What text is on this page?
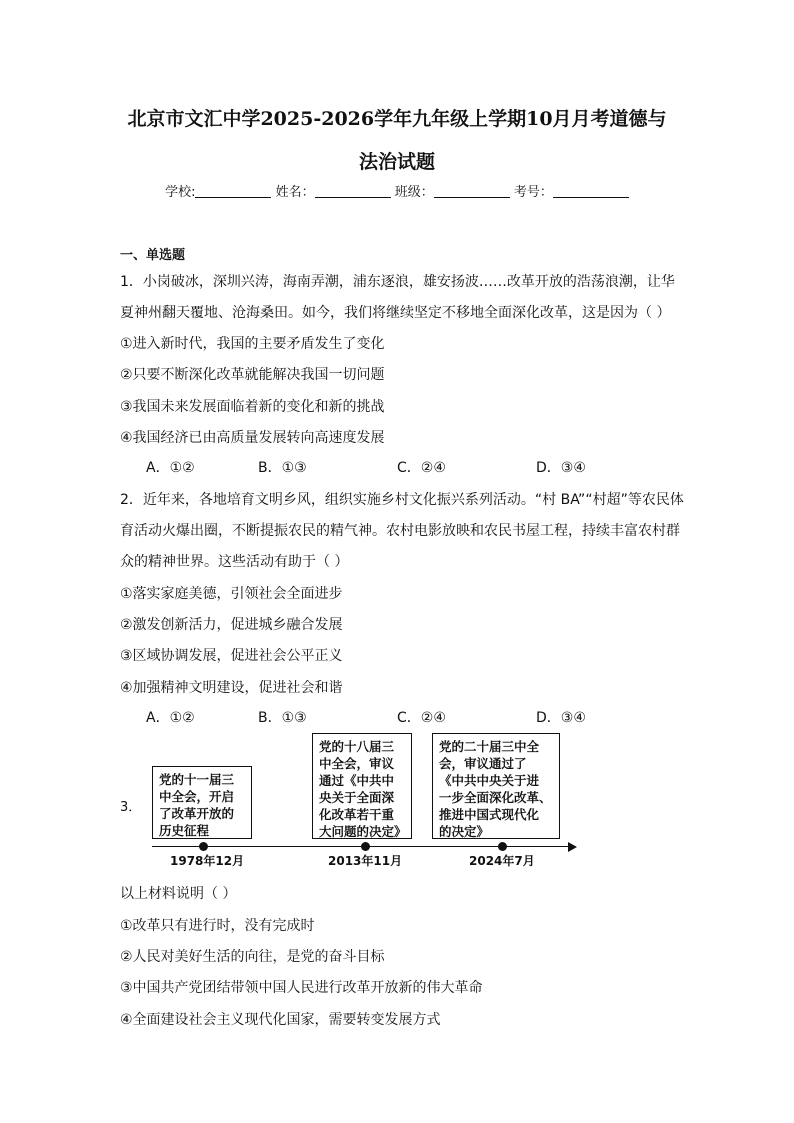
北京市文汇中学2025-2026学年九年级上学期10月月考道德与
法治试题
学校:	姓名：	班级：	考号：
一、单选题
1．小岗破冰，深圳兴涛，海南弄潮，浦东逐浪，雄安扬波……改革开放的浩荡浪潮，让华
夏神州翻天覆地、沧海桑田。如今，我们将继续坚定不移地全面深化改革，这是因为（ ）
①进入新时代，我国的主要矛盾发生了变化
②只要不断深化改革就能解决我国一切问题
③我国未来发展面临着新的变化和新的挑战
④我国经济已由高质量发展转向高速度发展
A．①②	B．①③	C．②④	D．③④
2．近年来，各地培育文明乡风，组织实施乡村文化振兴系列活动。“村 BA”“村超”等农民体
育活动火爆出圈，不断提振农民的精气神。农村电影放映和农民书屋工程，持续丰富农村群
众的精神世界。这些活动有助于（ ）
①落实家庭美德，引领社会全面进步
②激发创新活力，促进城乡融合发展
③区域协调发展，促进社会公平正义
④加强精神文明建设，促进社会和谐
A．①②	B．①③	C．②④	D．③④
3．
党的十一届三
中全会，开启
了改革开放的
历史征程
党的十八届三
中全会，审议
通过《中共中
央关于全面深
化改革若干重
大问题的决定》
党的二十届三中全
会，审议通过了
《中共中央关于进
一步全面深化改革、
推进中国式现代化
的决定》
1978年12月	2013年11月	2024年7月
以上材料说明（ ）
①改革只有进行时，没有完成时
②人民对美好生活的向往，是党的奋斗目标
③中国共产党团结带领中国人民进行改革开放新的伟大革命
④全面建设社会主义现代化国家，需要转变发展方式
